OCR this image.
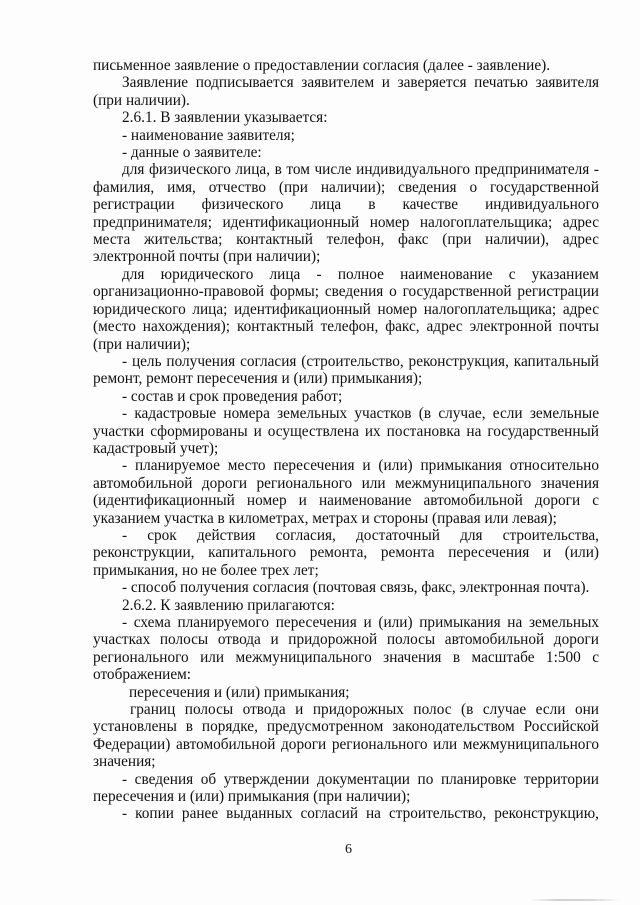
письменное заявление о предоставлении согласия (далее - заявление).

Заявление подписывается заявителем и заверяется печатью заявителя (при наличии).

2.6.1. В заявлении указывается:

- наименование заявителя;

- данные о заявителе:

для физического лица, в том числе индивидуального предпринимателя - фамилия, имя, отчество (при наличии); сведения о государственной регистрации физического лица в качестве индивидуального предпринимателя; идентификационный номер налогоплательщика; адрес места жительства; контактный телефон, факс (при наличии), адрес электронной почты (при наличии);

для юридического лица - полное наименование с указанием организационно-правовой формы; сведения о государственной регистрации юридического лица; идентификационный номер налогоплательщика; адрес (место нахождения); контактный телефон, факс, адрес электронной почты (при наличии);

- цель получения согласия (строительство, реконструкция, капитальный ремонт, ремонт пересечения и (или) примыкания);

- состав и срок проведения работ;

- кадастровые номера земельных участков (в случае, если земельные участки сформированы и осуществлена их постановка на государственный кадастровый учет);

- планируемое место пересечения и (или) примыкания относительно автомобильной дороги регионального или межмуниципального значения (идентификационный номер и наименование автомобильной дороги с указанием участка в километрах, метрах и стороны (правая или левая);

- срок действия согласия, достаточный для строительства, реконструкции, капитального ремонта, ремонта пересечения и (или) примыкания, но не более трех лет;

- способ получения согласия (почтовая связь, факс, электронная почта).

2.6.2. К заявлению прилагаются:

- схема планируемого пересечения и (или) примыкания на земельных участках полосы отвода и придорожной полосы автомобильной дороги регионального или межмуниципального значения в масштабе 1:500 с отображением:

пересечения и (или) примыкания;

границ полосы отвода и придорожных полос (в случае если они установлены в порядке, предусмотренном законодательством Российской Федерации) автомобильной дороги регионального или межмуниципального значения;

- сведения об утверждении документации по планировке территории пересечения и (или) примыкания (при наличии);

- копии ранее выданных согласий на строительство, реконструкцию,

6
